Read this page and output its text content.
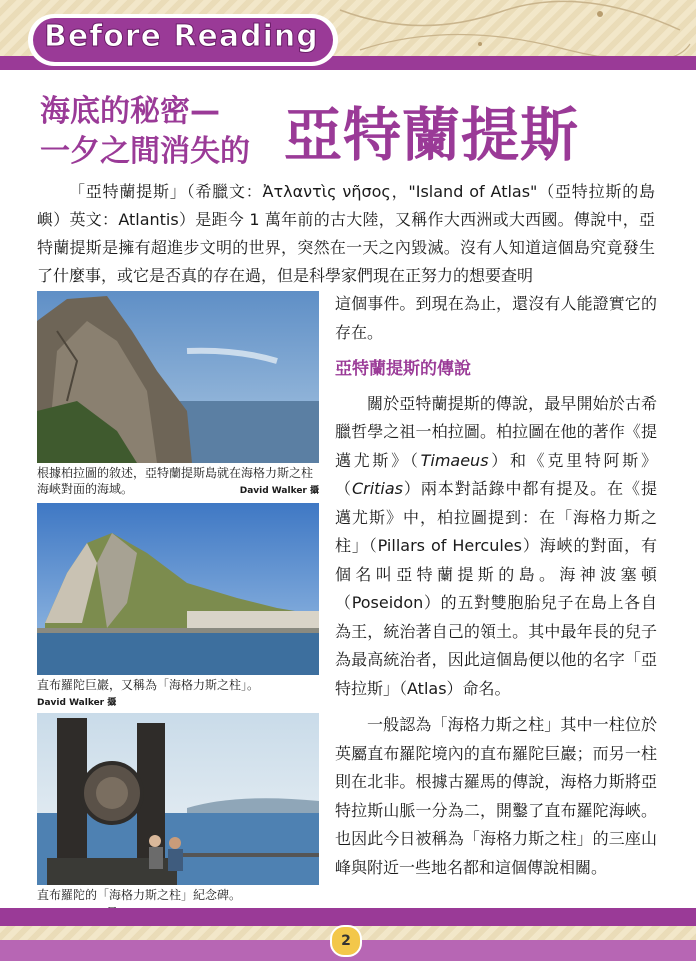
Before Reading
海底的秘密—
一夕之間消失的 亞特蘭提斯

「亞特蘭提斯」（希臘文：Ἀτλαντὶς νῆσος，"Island of Atlas"（亞特拉斯的島嶼）英文：Atlantis）是距今 1 萬年前的古大陸，又稱作大西洲或大西國。傳說中，亞特蘭提斯是擁有超進步文明的世界，突然在一天之內毀滅。沒有人知道這個島究竟發生了什麼事，或它是否真的存在過，但是科學家們現在正努力的想要查明

這個事件。到現在為止，還沒有人能證實它的存在。

亞特蘭提斯的傳說

關於亞特蘭提斯的傳說，最早開始於古希臘哲學之祖一柏拉圖。柏拉圖在他的著作《提邁尤斯》（Timaeus）和《克里特阿斯》（Critias）兩本對話錄中都有提及。在《提邁尤斯》中，柏拉圖提到：在「海格力斯之柱」（Pillars of Hercules）海峽的對面，有個名叫亞特蘭提斯的島。海神波塞頓（Poseidon）的五對雙胞胎兒子在島上各自為王，統治著自己的領土。其中最年長的兒子為最高統治者，因此這個島便以他的名字「亞特拉斯」（Atlas）命名。

一般認為「海格力斯之柱」其中一柱位於英屬直布羅陀境內的直布羅陀巨巖；而另一柱則在北非。根據古羅馬的傳說，海格力斯將亞特拉斯山脈一分為二，開鑿了直布羅陀海峽。也因此今日被稱為「海格力斯之柱」的三座山峰與附近一些地名都和這個傳說相關。

根據柏拉圖的敘述，亞特蘭提斯島就在海格力斯之柱海峽對面的海域。	David Walker 攝
直布羅陀巨巖，又稱為「海格力斯之柱」。
David Walker 攝
直布羅陀的「海格力斯之柱」紀念碑。

2
